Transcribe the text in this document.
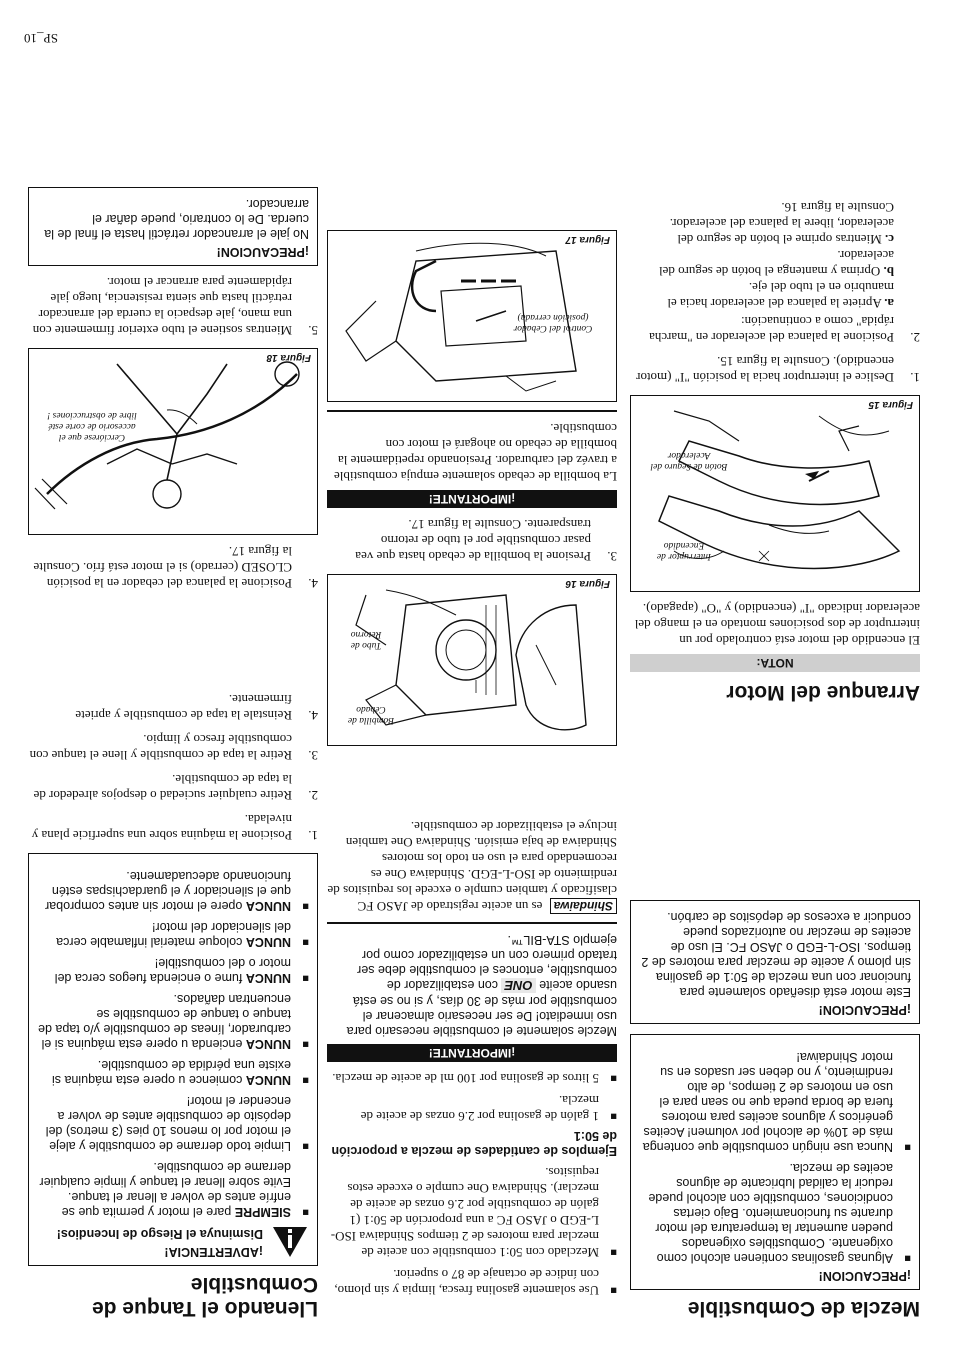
Mezcla de Combustible
¡PRECAUCION!
■ Algunas gasolinas contienen alcohol como oxigenante. Combustibles oxigenados pueden aumentar la temperatura del motor durante su funcionamiento. Bajo ciertas condiciones, combustible con alcohol puede reducir la calidad lubricante de algunos aceites de mezcla.
■ Nunca use ningún combustible que contenga más de 10% de alcohol por volumen! Aceites genéricos y algunos aceites para motores fuera de borda pueda que no sean para el uso en motores de 2 tiempos, de alto rendimiento, y no deben ser usados en su motor Shindaiwa!
¡PRECAUCION!
Este motor está diseñado solamente para funcionar con una mezcla de 50:1 de gasolina sin plomo y aceite de mezclar para motores de 2 tiempos. ISO-L-EGD o JASO FC. El uso de aceites de mezclar no autorizados puede conducir a excesos de depósitos de carbón.
Arranque del Motor
NOTA:
El encendido del motor está controlado por un interruptor de dos posiciones montado en el mango del acelerador indicado "I" (encendido) y "O" (apagado).
Interruptor de Encendido
Botón de Seguro del Acelerador
Figura 15
1.
Deslice el interruptor hacia la posición "I" (motor encendido). Consulte la figura 15.
2.
Posicione la palanca del acelerador en "marcha rápida" como a continuación:
a. Apriete la palanca del acelerador hacia el manubrio en el tubo del eje.
b. Oprima y mantenga el botón de seguro del acelerador.
c. Mientras oprime el botón de seguro del acelerador, libere la palanca del acelerador. Consulte la figura 16.
■ Use solamente gasolina fresca, limpia y sin plomo, con índice de octanaje de 87 o superior.
■ Mezclado con 50:1 combustible con aceite de mezclar para motores de 2 tiempos Shindaiwa ISO-L-EGD o JASO FC a una proporción de 50:1 (1 galón de combustible por 2.6 onzas de aceite de mezclar). Shindaiwa One cumple o excede estos requisitos.
Ejemplos de cantidades de mezcla a proporción de 50:1
■ 1 galón de gasolina por 2.6 onzas de aceite de mezcla.
■ 5 litros de gasolina por 100 ml de aceite de mezcla.
¡IMPORTANTE!
Mezcle solamente el combustible necesario para uso inmediato! De ser necesario almacenar el combustible por más de 30 días, y si no se está usando aceite ONE con estabilizador de combustible, entonces el combustible debe ser tratado primero con un estabilizador como por ejemplo STA-BIL™.
Shindaiwa es un aceite registrado de JASO FC clasificado y tambien cumple o excede los requisitos de rendimiento de ISO-L-EGD. Shindaiwa One es recomendado para el uso en todo los motores Shindaiwa de baja emisión. Shindaiwa One tambien incluye el estabilizador de combustible.
Bombilla de Cebado
Tubo de Retorno
Figura 16
3.
Presione la bombilla de cebado hasta que vea pasar combustible por el tubo de retorno transparente. Consulte la figura 17.
¡IMPORTANTE!
La bombilla de cebado solamente empuja combustible a travéz del carburador. Presionando repetidamente la bombilla de cebado no ahogará el motor con combustible.
Control del Cebador (posición cerrada)
Figura 17
Llenando el Tanque de Combustible
¡ADVERTENCIA!
Disminuya el Riesgo de Incendios!
■ SIEMPRE pare el motor y permita que se enfríe antes de volver a llenar el tanque. Evite sobre llenar el tanque y limpie cualquier derrame de combustible.
■ Limpie todo derrame de combustible y aleje el motor por lo menos 10 pies (3 metros) del depósito de combustible antes de volver a encender el motor!
■ NUNCA comience u opere esta máquina si existe una pérdida de combustible.
■ NUNCA encienda u opere esta máquina si el carburador, líneas de combustible y/o tapa de tanque o tanque de combustible se encuentran dañados.
■ NUNCA fume o encienda fuegos cerca del motor o del combustible!
■ NUNCA coloque material inflamable cerca del silenciador del motor!
■ NUNCA opere el motor sin antes comprobar que el silenciador y el guardachispas estén funcionando adecuadamente.
1.
Posicione la máquina sobre una superficie plana y nivelada.
2.
Retire cualquier suciedad o despojos alrededor de la tapa de combustible.
3.
Retire la tapa de combustible y llene el tanque con combustible fresco y limpio.
4.
Reinstale la tapa de combustible y apriete firmemente.
4.
Posicione la palanca del cebador en la posición CLOSED (cerrado) si el motor está frío. Consulte la figura 17.
Cerciórese que el accesorio de corte esté libre de obstrucciones !
Figura 18
5.
Mientras sostiene el tubo exterior firmemente con una mano, jale despacio la cuerda del arrancador retráctil hasta que sienta resistencia, luego jale rápidamente para arrancar el motor.
¡PRECAUCION!
No jale el arrancador retráctil hasta el final de la cuerda. De lo contrario, puede dañar el arrancador.
SP_10
